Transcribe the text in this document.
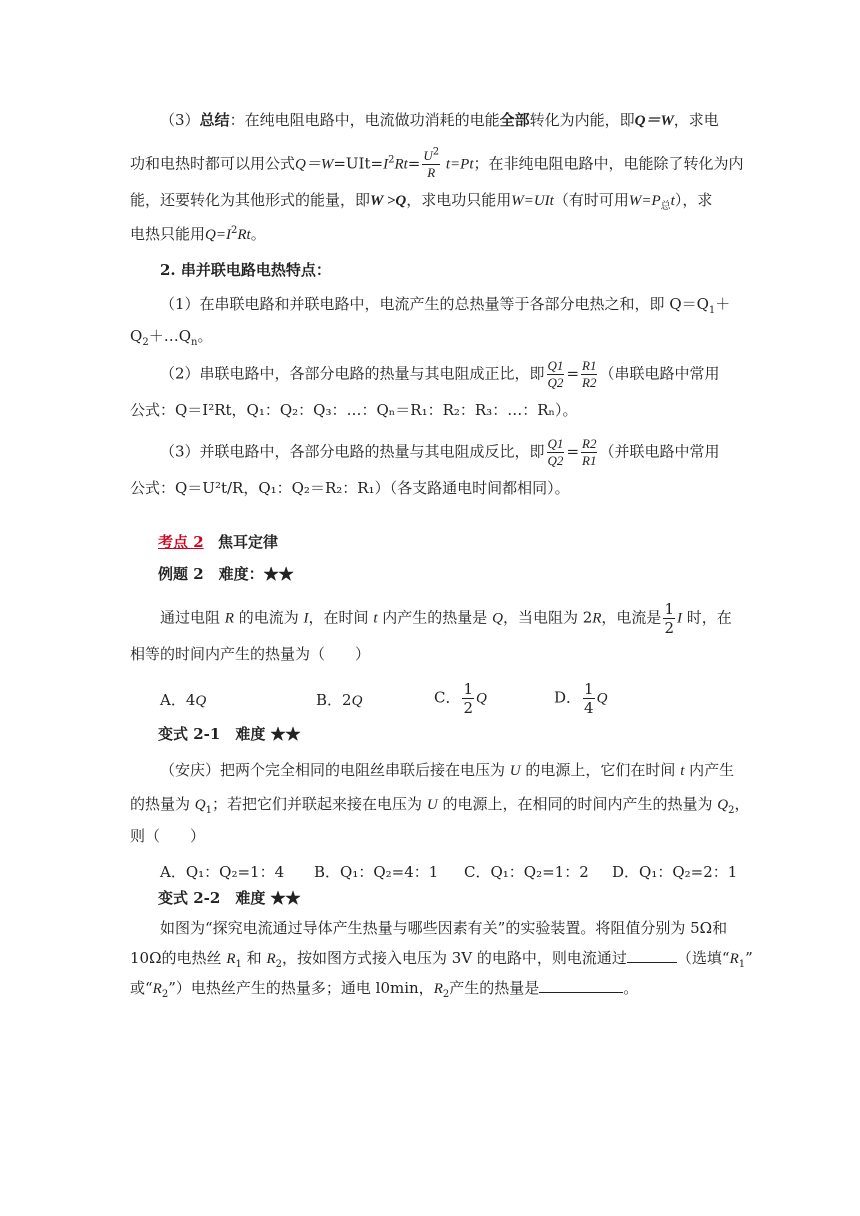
（3）总结：在纯电阻电路中，电流做功消耗的电能全部转化为内能，即Q＝W，求电
功和电热时都可以用公式$Q=W=UIt=I^2Rt= \frac{U^2}{R} t=Pt$；在非纯电阻电路中，电能除了转化为内
能，还要转化为其他形式的能量，即W >Q，求电功只能用W=UIt（有时可用$W=P_总t$），求
电热只能用$Q=I^2Rt$。
2. 串并联电路电热特点：
（1）在串联电路和并联电路中，电流产生的总热量等于各部分电热之和，即 $Q=Q_1+$
$Q_2+\dots Q_n$。
（2）串联电路中，各部分电路的热量与其电阻成正比，即 $\frac{Q1}{Q2} = \frac{R1}{R2}$ （串联电路中常用
公式：Q＝I²Rt，Q₁：Q₂：Q₃：…：Qₙ＝R₁：R₂：R₃：…：Rₙ）。
（3）并联电路中，各部分电路的热量与其电阻成反比，即 $\frac{Q1}{Q2} = \frac{R2}{R1}$ （并联电路中常用
公式：Q＝U²t/R，Q₁：Q₂＝R₂：R₁）（各支路通电时间都相同）。
考点 2 焦耳定律
例题 2　难度：★★
通过电阻 R 的电流为 I，在时间 t 内产生的热量是 Q，当电阻为 2R，电流是 $\frac{1}{2}$ I 时，在
相等的时间内产生的热量为（　　）
A．4Q	B．2Q	C． $\frac{1}{2}$ Q	D． $\frac{1}{4}$ Q
变式 2-1　难度 ★★
（安庆）把两个完全相同的电阻丝串联后接在电压为 U 的电源上，它们在时间 t 内产生
的热量为 $Q_1$；若把它们并联起来接在电压为 U 的电源上，在相同的时间内产生的热量为 $Q_2$，
则（　　）
A．Q₁：Q₂=1：4 B．Q₁：Q₂=4：1 C．Q₁：Q₂=1：2 D．Q₁：Q₂=2：1
变式 2-2　难度 ★★
如图为“探究电流通过导体产生热量与哪些因素有关”的实验装置。将阻值分别为 5Ω和
10Ω的电热丝 $R_1$ 和 $R_2$，按如图方式接入电压为 3V 的电路中，则电流通过	（选填“$R_1$”
或“$R_2$”）电热丝产生的热量多；通电 l0min，$R_2$产生的热量是	。
